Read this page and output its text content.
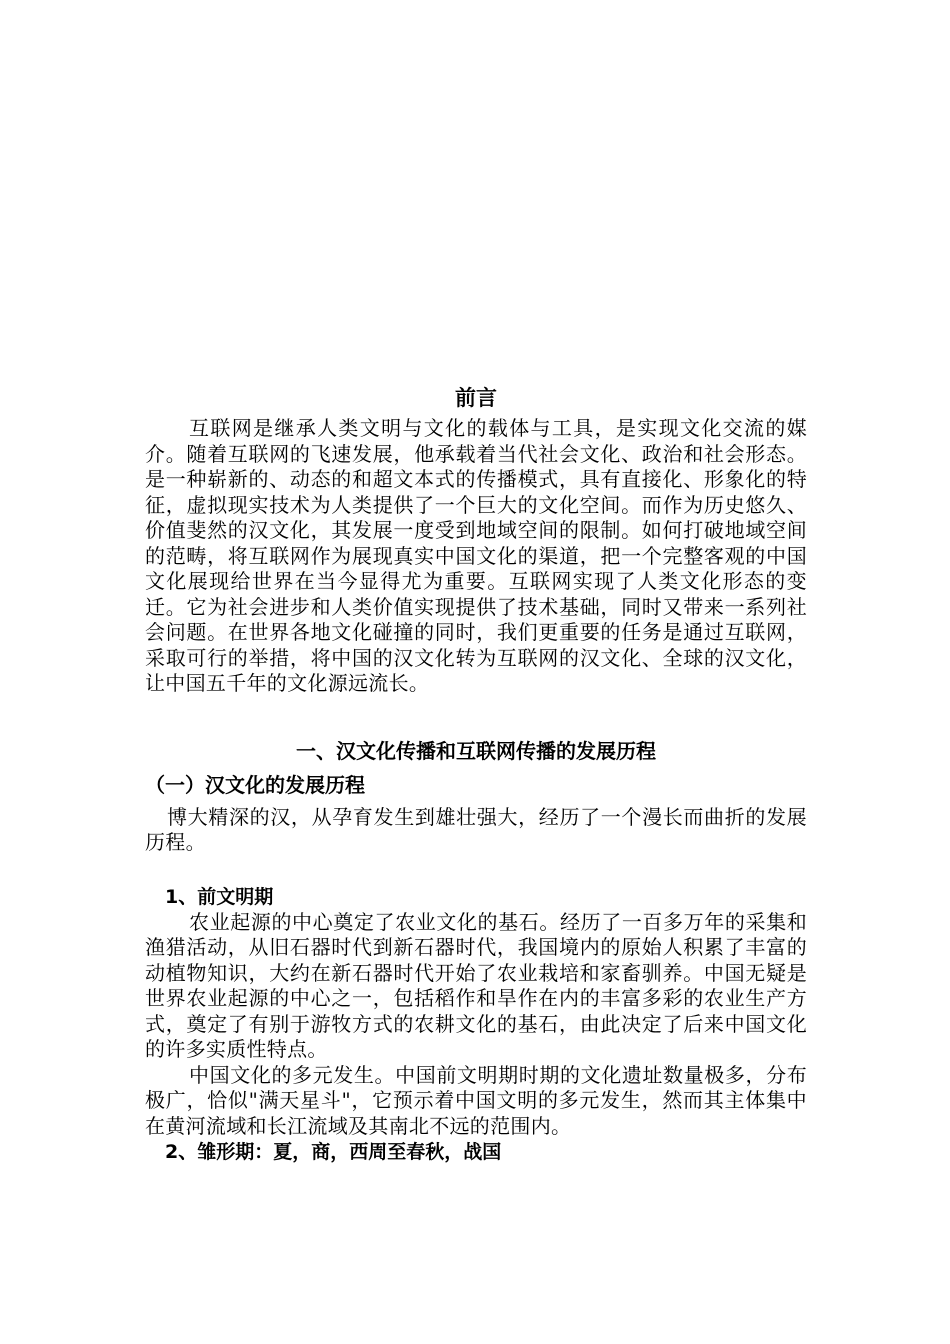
前言

互联网是继承人类文明与文化的载体与工具，是实现文化交流的媒介。随着互联网的飞速发展，他承载着当代社会文化、政治和社会形态。是一种崭新的、动态的和超文本式的传播模式，具有直接化、形象化的特征，虚拟现实技术为人类提供了一个巨大的文化空间。而作为历史悠久、价值斐然的汉文化，其发展一度受到地域空间的限制。如何打破地域空间的范畴，将互联网作为展现真实中国文化的渠道，把一个完整客观的中国文化展现给世界在当今显得尤为重要。互联网实现了人类文化形态的变迁。它为社会进步和人类价值实现提供了技术基础，同时又带来一系列社会问题。在世界各地文化碰撞的同时，我们更重要的任务是通过互联网，采取可行的举措，将中国的汉文化转为互联网的汉文化、全球的汉文化，让中国五千年的文化源远流长。

一、汉文化传播和互联网传播的发展历程
（一）汉文化的发展历程

博大精深的汉，从孕育发生到雄壮强大，经历了一个漫长而曲折的发展历程。

1、前文明期

农业起源的中心奠定了农业文化的基石。经历了一百多万年的采集和渔猎活动，从旧石器时代到新石器时代，我国境内的原始人积累了丰富的动植物知识，大约在新石器时代开始了农业栽培和家畜驯养。中国无疑是世界农业起源的中心之一，包括稻作和旱作在内的丰富多彩的农业生产方式，奠定了有别于游牧方式的农耕文化的基石，由此决定了后来中国文化的许多实质性特点。

中国文化的多元发生。中国前文明期时期的文化遗址数量极多，分布极广，恰似"满天星斗"，它预示着中国文明的多元发生，然而其主体集中在黄河流域和长江流域及其南北不远的范围内。

2、雏形期：夏，商，西周至春秋，战国
